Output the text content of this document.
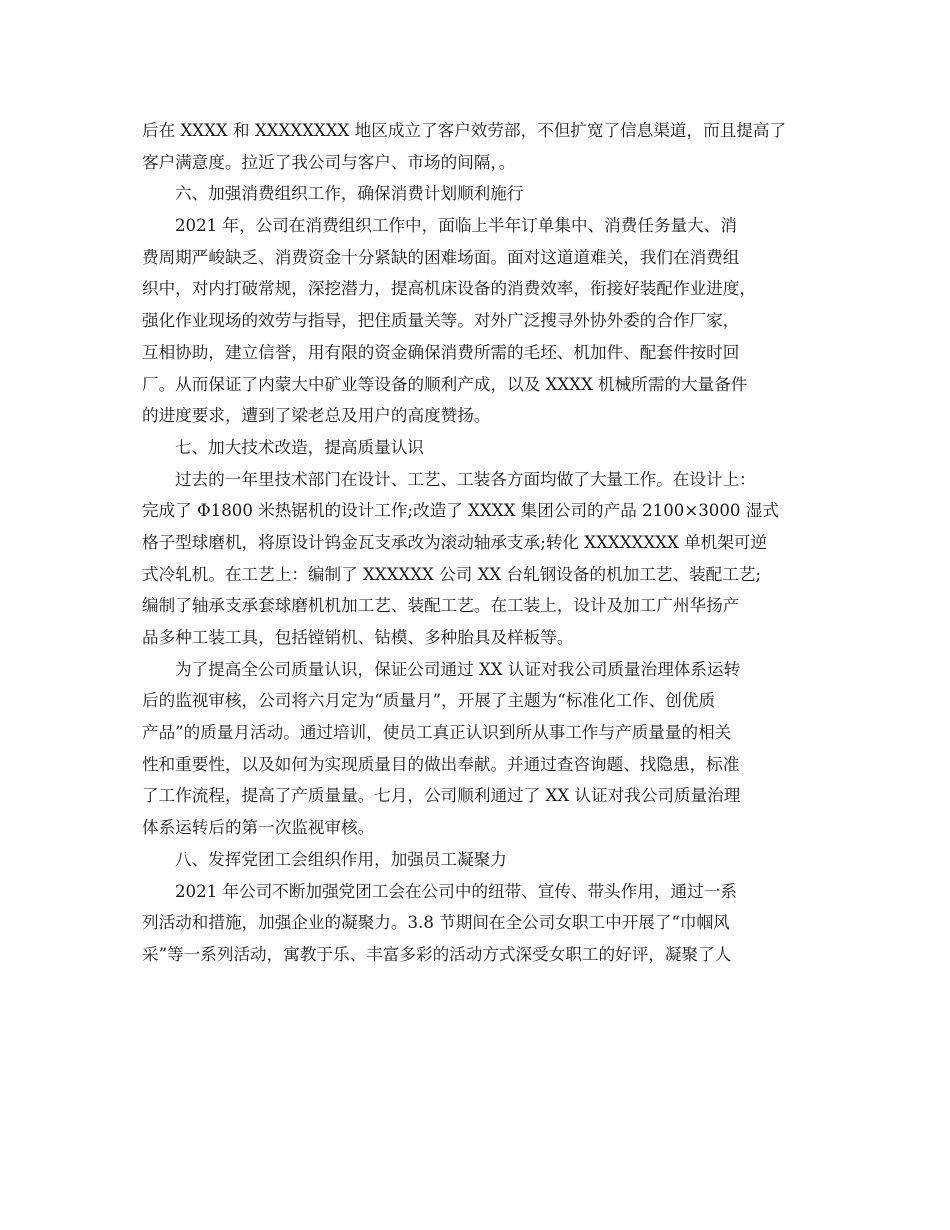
后在 XXXX 和 XXXXXXXX 地区成立了客户效劳部，不但扩宽了信息渠道，而且提高了
客户满意度。拉近了我公司与客户、市场的间隔，。
六、加强消费组织工作，确保消费计划顺利施行
2021 年，公司在消费组织工作中，面临上半年订单集中、消费任务量大、消
费周期严峻缺乏、消费资金十分紧缺的困难场面。面对这道道难关，我们在消费组
织中，对内打破常规，深挖潜力，提高机床设备的消费效率，衔接好装配作业进度，
强化作业现场的效劳与指导，把住质量关等。对外广泛搜寻外协外委的合作厂家，
互相协助，建立信誉，用有限的资金确保消费所需的毛坯、机加件、配套件按时回
厂。从而保证了内蒙大中矿业等设备的顺利产成，以及 XXXX 机械所需的大量备件
的进度要求，遭到了梁老总及用户的高度赞扬。
七、加大技术改造，提高质量认识
过去的一年里技术部门在设计、工艺、工装各方面均做了大量工作。在设计上：
完成了 Φ1800 米热锯机的设计工作;改造了 XXXX 集团公司的产品 2100×3000 湿式
格子型球磨机，将原设计钨金瓦支承改为滚动轴承支承;转化 XXXXXXXX 单机架可逆
式冷轧机。在工艺上：编制了 XXXXXX 公司 XX 台轧钢设备的机加工艺、装配工艺;
编制了轴承支承套球磨机机加工艺、装配工艺。在工装上，设计及加工广州华扬产
品多种工装工具，包括镗销机、钻模、多种胎具及样板等。
为了提高全公司质量认识，保证公司通过 XX 认证对我公司质量治理体系运转
后的监视审核，公司将六月定为“质量月”，开展了主题为“标准化工作、创优质
产品”的质量月活动。通过培训，使员工真正认识到所从事工作与产质量量的相关
性和重要性，以及如何为实现质量目的做出奉献。并通过查咨询题、找隐患，标准
了工作流程，提高了产质量量。七月，公司顺利通过了 XX 认证对我公司质量治理
体系运转后的第一次监视审核。
八、发挥党团工会组织作用，加强员工凝聚力
2021 年公司不断加强党团工会在公司中的纽带、宣传、带头作用，通过一系
列活动和措施，加强企业的凝聚力。3.8 节期间在全公司女职工中开展了“巾帼风
采”等一系列活动，寓教于乐、丰富多彩的活动方式深受女职工的好评，凝聚了人
